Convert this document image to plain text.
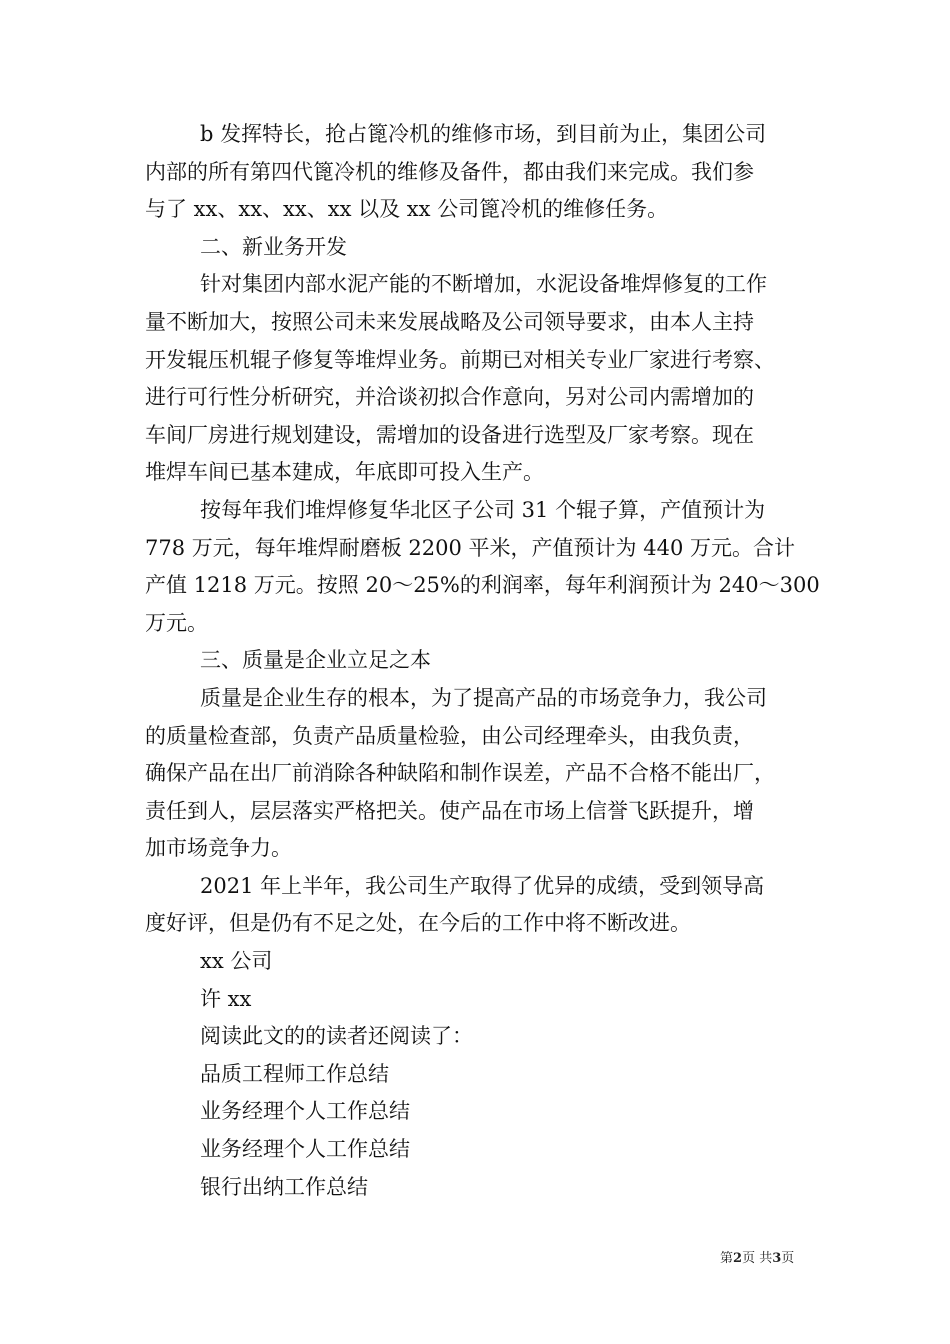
b 发挥特长，抢占篦冷机的维修市场，到目前为止，集团公司

内部的所有第四代篦冷机的维修及备件，都由我们来完成。我们参

与了 xx、xx、xx、xx 以及 xx 公司篦冷机的维修任务。

二、新业务开发

针对集团内部水泥产能的不断增加，水泥设备堆焊修复的工作

量不断加大，按照公司未来发展战略及公司领导要求，由本人主持

开发辊压机辊子修复等堆焊业务。前期已对相关专业厂家进行考察、

进行可行性分析研究，并洽谈初拟合作意向，另对公司内需增加的

车间厂房进行规划建设，需增加的设备进行选型及厂家考察。现在

堆焊车间已基本建成，年底即可投入生产。

按每年我们堆焊修复华北区子公司 31 个辊子算，产值预计为

778 万元，每年堆焊耐磨板 2200 平米，产值预计为 440 万元。合计

产值 1218 万元。按照 20～25%的利润率，每年利润预计为 240～300

万元。

三、质量是企业立足之本

质量是企业生存的根本，为了提高产品的市场竞争力，我公司

的质量检查部，负责产品质量检验，由公司经理牵头，由我负责，

确保产品在出厂前消除各种缺陷和制作误差，产品不合格不能出厂，

责任到人，层层落实严格把关。使产品在市场上信誉飞跃提升，增

加市场竞争力。

2021 年上半年，我公司生产取得了优异的成绩，受到领导高

度好评，但是仍有不足之处，在今后的工作中将不断改进。

xx 公司

许 xx

阅读此文的的读者还阅读了：

品质工程师工作总结

业务经理个人工作总结

业务经理个人工作总结

银行出纳工作总结

第2页 共3页
